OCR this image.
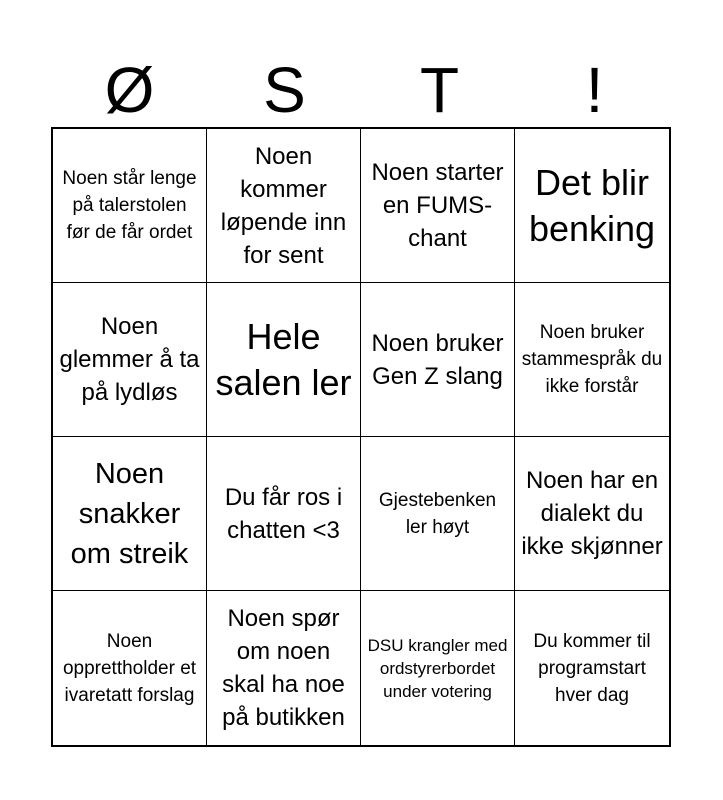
Ø	S	T	!
Noen står lenge på talerstolen før de får ordet
Noen kommer løpende inn for sent
Noen starter en FUMS-chant
Det blir benking
Noen glemmer å ta på lydløs
Hele salen ler
Noen bruker Gen Z slang
Noen bruker stammespråk du ikke forstår
Noen snakker om streik
Du får ros i chatten <3
Gjestebenken ler høyt
Noen har en dialekt du ikke skjønner
Noen opprettholder et ivaretatt forslag
Noen spør om noen skal ha noe på butikken
DSU krangler med ordstyrerbordet under votering
Du kommer til programstart hver dag
